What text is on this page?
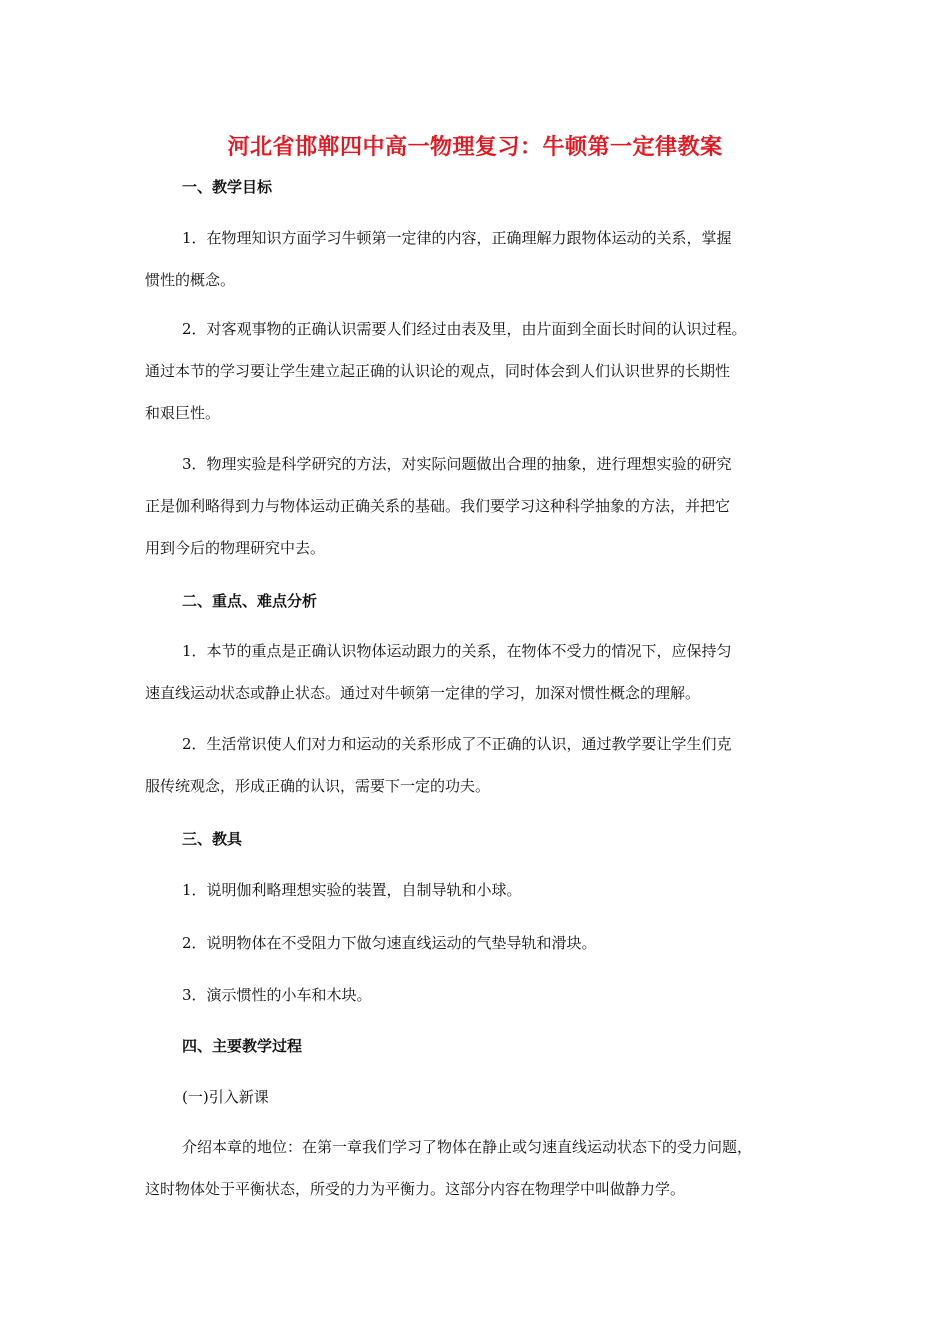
河北省邯郸四中高一物理复习：牛顿第一定律教案
一、教学目标
1．在物理知识方面学习牛顿第一定律的内容，正确理解力跟物体运动的关系，掌握
惯性的概念。
2．对客观事物的正确认识需要人们经过由表及里，由片面到全面长时间的认识过程。
通过本节的学习要让学生建立起正确的认识论的观点，同时体会到人们认识世界的长期性
和艰巨性。
3．物理实验是科学研究的方法，对实际问题做出合理的抽象，进行理想实验的研究
正是伽利略得到力与物体运动正确关系的基础。我们要学习这种科学抽象的方法，并把它
用到今后的物理研究中去。
二、重点、难点分析
1．本节的重点是正确认识物体运动跟力的关系，在物体不受力的情况下，应保持匀
速直线运动状态或静止状态。通过对牛顿第一定律的学习，加深对惯性概念的理解。
2．生活常识使人们对力和运动的关系形成了不正确的认识，通过教学要让学生们克
服传统观念，形成正确的认识，需要下一定的功夫。
三、教具
1．说明伽利略理想实验的装置，自制导轨和小球。
2．说明物体在不受阻力下做匀速直线运动的气垫导轨和滑块。
3．演示惯性的小车和木块。
四、主要教学过程
(一)引入新课
介绍本章的地位：在第一章我们学习了物体在静止或匀速直线运动状态下的受力问题，
这时物体处于平衡状态，所受的力为平衡力。这部分内容在物理学中叫做静力学。
